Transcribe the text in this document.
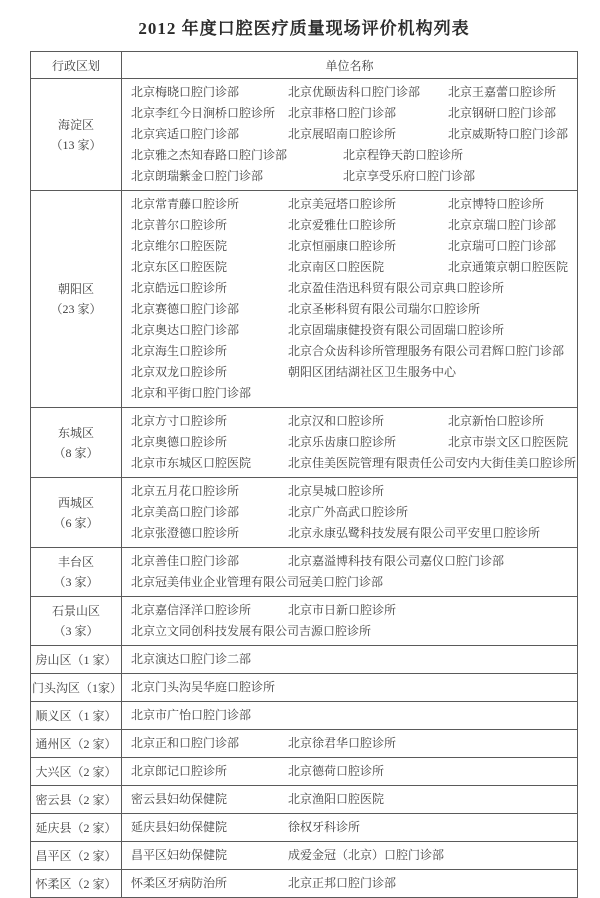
2012 年度口腔医疗质量现场评价机构列表
行政区划	单位名称

海淀区
（13 家）

北京梅晓口腔门诊部	北京优颐齿科口腔门诊部	北京王嘉蕾口腔诊所
北京李红今日涧桥口腔诊所	北京菲格口腔门诊部	北京钢研口腔门诊部
北京宾适口腔门诊部	北京展昭南口腔诊所	北京威斯特口腔门诊部
北京雅之杰知春路口腔门诊部	北京程铮天韵口腔诊所
北京朗瑞紫金口腔门诊部	北京享受乐府口腔门诊部

朝阳区
（23 家）

北京常青藤口腔诊所	北京美冠塔口腔诊所	北京博特口腔诊所
北京普尔口腔诊所	北京爱雅仕口腔诊所	北京京瑞口腔门诊部
北京维尔口腔医院	北京恒丽康口腔诊所	北京瑞可口腔门诊部
北京东区口腔医院	北京南区口腔医院	北京通策京朝口腔医院
北京皓远口腔诊所	北京盈佳浩迅科贸有限公司京典口腔诊所
北京赛德口腔门诊部	北京圣彬科贸有限公司瑞尔口腔诊所
北京奥达口腔门诊部	北京固瑞康健投资有限公司固瑞口腔诊所
北京海生口腔诊所	北京合众齿科诊所管理服务有限公司君辉口腔门诊部
北京双龙口腔诊所	朝阳区团结湖社区卫生服务中心
北京和平街口腔门诊部

东城区
（8 家）

北京方寸口腔诊所	北京汉和口腔诊所	北京新怡口腔诊所
北京奥德口腔诊所	北京乐齿康口腔诊所	北京市崇文区口腔医院
北京市东城区口腔医院	北京佳美医院管理有限责任公司安内大街佳美口腔诊所

西城区
（6 家）

北京五月花口腔诊所	北京昊城口腔诊所
北京美高口腔门诊部	北京广外高武口腔诊所
北京张澄德口腔诊所	北京永康弘鹭科技发展有限公司平安里口腔诊所

丰台区
（3 家）

北京善佳口腔门诊部	北京嘉溢博科技有限公司嘉仪口腔门诊部
北京冠美伟业企业管理有限公司冠美口腔门诊部

石景山区
（3 家）

北京嘉信泽洋口腔诊所	北京市日新口腔诊所
北京立文同创科技发展有限公司吉源口腔诊所

房山区（1 家）	北京演达口腔门诊二部

门头沟区（1家）	北京门头沟吴华庭口腔诊所

顺义区（1 家）	北京市广怡口腔门诊部

通州区（2 家）	北京正和口腔门诊部 北京徐君华口腔诊所

大兴区（2 家）	北京郎记口腔诊所 北京德荷口腔诊所

密云县（2 家）	密云县妇幼保健院 北京渔阳口腔医院

延庆县（2 家）	延庆县妇幼保健院 徐权牙科诊所

昌平区（2 家）	昌平区妇幼保健院 成爱金冠（北京）口腔门诊部

怀柔区（2 家）	怀柔区牙病防治所 北京正邦口腔门诊部
